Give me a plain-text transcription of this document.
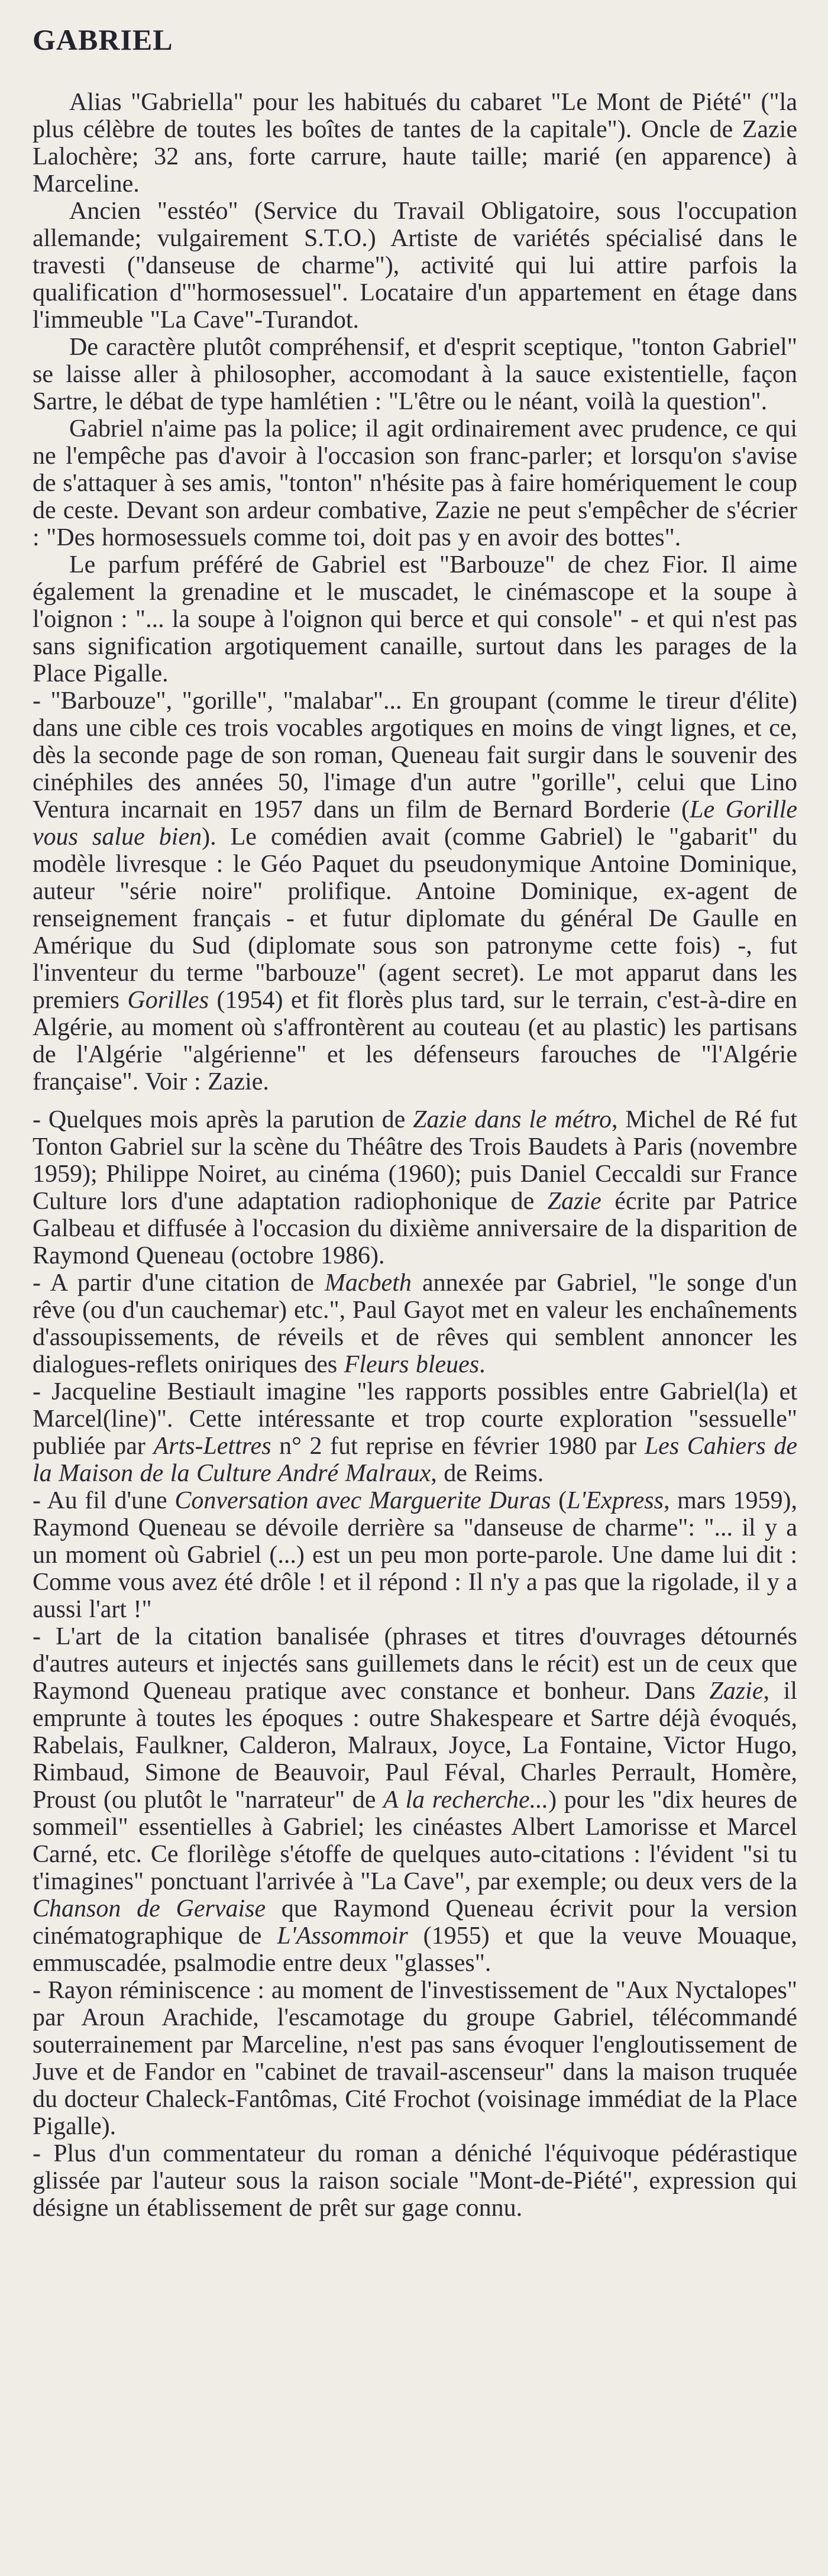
GABRIEL

Alias "Gabriella" pour les habitués du cabaret "Le Mont de Piété" ("la plus célèbre de toutes les boîtes de tantes de la capitale"). Oncle de Zazie Lalochère; 32 ans, forte carrure, haute taille; marié (en apparence) à Marceline.

Ancien "esstéo" (Service du Travail Obligatoire, sous l'occupation allemande; vulgairement S.T.O.) Artiste de variétés spécialisé dans le travesti ("danseuse de charme"), activité qui lui attire parfois la qualification d'"hormosessuel". Locataire d'un appartement en étage dans l'immeuble "La Cave"-Turandot.

De caractère plutôt compréhensif, et d'esprit sceptique, "tonton Gabriel" se laisse aller à philosopher, accomodant à la sauce existentielle, façon Sartre, le débat de type hamlétien : "L'être ou le néant, voilà la question".

Gabriel n'aime pas la police; il agit ordinairement avec prudence, ce qui ne l'empêche pas d'avoir à l'occasion son franc-parler; et lorsqu'on s'avise de s'attaquer à ses amis, "tonton" n'hésite pas à faire homériquement le coup de ceste. Devant son ardeur combative, Zazie ne peut s'empêcher de s'écrier : "Des hormosessuels comme toi, doit pas y en avoir des bottes".

Le parfum préféré de Gabriel est "Barbouze" de chez Fior. Il aime également la grenadine et le muscadet, le cinémascope et la soupe à l'oignon : "... la soupe à l'oignon qui berce et qui console" - et qui n'est pas sans signification argotiquement canaille, surtout dans les parages de la Place Pigalle.

- "Barbouze", "gorille", "malabar"... En groupant (comme le tireur d'élite) dans une cible ces trois vocables argotiques en moins de vingt lignes, et ce, dès la seconde page de son roman, Queneau fait surgir dans le souvenir des cinéphiles des années 50, l'image d'un autre "gorille", celui que Lino Ventura incarnait en 1957 dans un film de Bernard Borderie (Le Gorille vous salue bien). Le comédien avait (comme Gabriel) le "gabarit" du modèle livresque : le Géo Paquet du pseudonymique Antoine Dominique, auteur "série noire" prolifique. Antoine Dominique, ex-agent de renseignement français - et futur diplomate du général De Gaulle en Amérique du Sud (diplomate sous son patronyme cette fois) -, fut l'inventeur du terme "barbouze" (agent secret). Le mot apparut dans les premiers Gorilles (1954) et fit florès plus tard, sur le terrain, c'est-à-dire en Algérie, au moment où s'affrontèrent au couteau (et au plastic) les partisans de l'Algérie "algérienne" et les défenseurs farouches de "l'Algérie française". Voir : Zazie.

- Quelques mois après la parution de Zazie dans le métro, Michel de Ré fut Tonton Gabriel sur la scène du Théâtre des Trois Baudets à Paris (novembre 1959); Philippe Noiret, au cinéma (1960); puis Daniel Ceccaldi sur France Culture lors d'une adaptation radiophonique de Zazie écrite par Patrice Galbeau et diffusée à l'occasion du dixième anniversaire de la disparition de Raymond Queneau (octobre 1986).

- A partir d'une citation de Macbeth annexée par Gabriel, "le songe d'un rêve (ou d'un cauchemar) etc.", Paul Gayot met en valeur les enchaînements d'assoupissements, de réveils et de rêves qui semblent annoncer les dialogues-reflets oniriques des Fleurs bleues.

- Jacqueline Bestiault imagine "les rapports possibles entre Gabriel(la) et Marcel(line)". Cette intéressante et trop courte exploration "sessuelle" publiée par Arts-Lettres n° 2 fut reprise en février 1980 par Les Cahiers de la Maison de la Culture André Malraux, de Reims.

- Au fil d'une Conversation avec Marguerite Duras (L'Express, mars 1959), Raymond Queneau se dévoile derrière sa "danseuse de charme": "... il y a un moment où Gabriel (...) est un peu mon porte-parole. Une dame lui dit : Comme vous avez été drôle ! et il répond : Il n'y a pas que la rigolade, il y a aussi l'art !"

- L'art de la citation banalisée (phrases et titres d'ouvrages détournés d'autres auteurs et injectés sans guillemets dans le récit) est un de ceux que Raymond Queneau pratique avec constance et bonheur. Dans Zazie, il emprunte à toutes les époques : outre Shakespeare et Sartre déjà évoqués, Rabelais, Faulkner, Calderon, Malraux, Joyce, La Fontaine, Victor Hugo, Rimbaud, Simone de Beauvoir, Paul Féval, Charles Perrault, Homère, Proust (ou plutôt le "narrateur" de A la recherche...) pour les "dix heures de sommeil" essentielles à Gabriel; les cinéastes Albert Lamorisse et Marcel Carné, etc. Ce florilège s'étoffe de quelques auto-citations : l'évident "si tu t'imagines" ponctuant l'arrivée à "La Cave", par exemple; ou deux vers de la Chanson de Gervaise que Raymond Queneau écrivit pour la version cinématographique de L'Assommoir (1955) et que la veuve Mouaque, emmuscadée, psalmodie entre deux "glasses".

- Rayon réminiscence : au moment de l'investissement de "Aux Nyctalopes" par Aroun Arachide, l'escamotage du groupe Gabriel, télécommandé souterrainement par Marceline, n'est pas sans évoquer l'engloutissement de Juve et de Fandor en "cabinet de travail-ascenseur" dans la maison truquée du docteur Chaleck-Fantômas, Cité Frochot (voisinage immédiat de la Place Pigalle).

- Plus d'un commentateur du roman a déniché l'équivoque pédérastique glissée par l'auteur sous la raison sociale "Mont-de-Piété", expression qui désigne un établissement de prêt sur gage connu.
